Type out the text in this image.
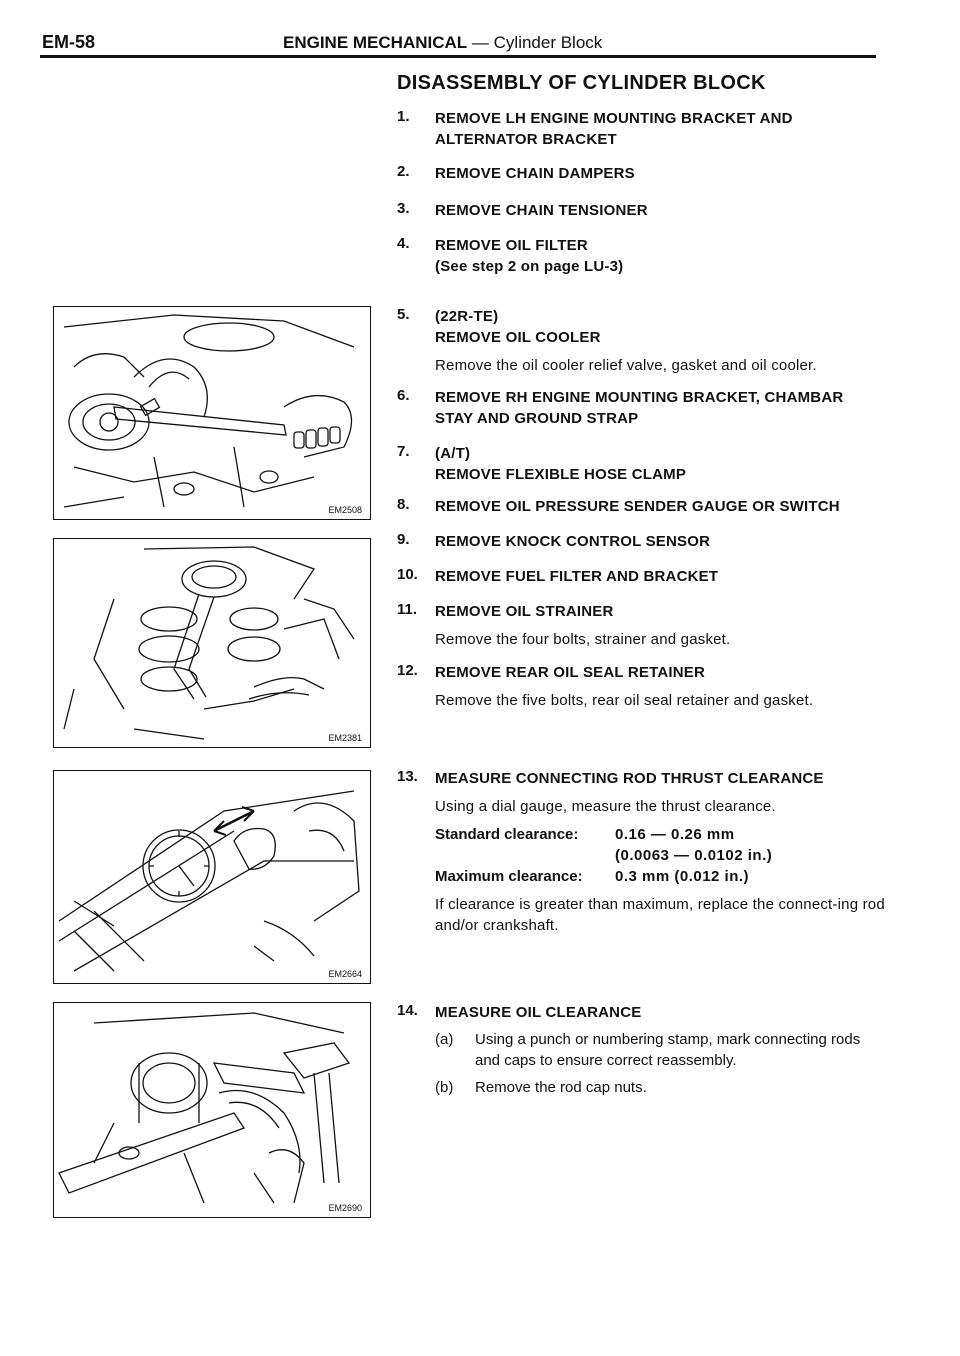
EM-58	ENGINE MECHANICAL — Cylinder Block
DISASSEMBLY OF CYLINDER BLOCK
1. REMOVE LH ENGINE MOUNTING BRACKET AND
ALTERNATOR BRACKET
2. REMOVE CHAIN DAMPERS
3. REMOVE CHAIN TENSIONER
4. REMOVE OIL FILTER
(See step 2 on page LU-3)
5. (22R-TE)
REMOVE OIL COOLER
Remove the oil cooler relief valve, gasket and oil cooler.
6. REMOVE RH ENGINE MOUNTING BRACKET, CHAMBAR
STAY AND GROUND STRAP
7. (A/T)
REMOVE FLEXIBLE HOSE CLAMP
8. REMOVE OIL PRESSURE SENDER GAUGE OR SWITCH
9. REMOVE KNOCK CONTROL SENSOR
10. REMOVE FUEL FILTER AND BRACKET
11. REMOVE OIL STRAINER
Remove the four bolts, strainer and gasket.
12. REMOVE REAR OIL SEAL RETAINER
Remove the five bolts, rear oil seal retainer and gasket.
13. MEASURE CONNECTING ROD THRUST CLEARANCE
Using a dial gauge, measure the thrust clearance.
Standard clearance:	0.16 — 0.26 mm
(0.0063 — 0.0102 in.)
Maximum clearance:	0.3 mm (0.012 in.)
If clearance is greater than maximum, replace the connect-ing rod and/or crankshaft.
14. MEASURE OIL CLEARANCE
(a)	Using a punch or numbering stamp, mark connecting rods and caps to ensure correct reassembly.
(b)	Remove the rod cap nuts.
EM2508
EM2381
EM2664
EM2690
